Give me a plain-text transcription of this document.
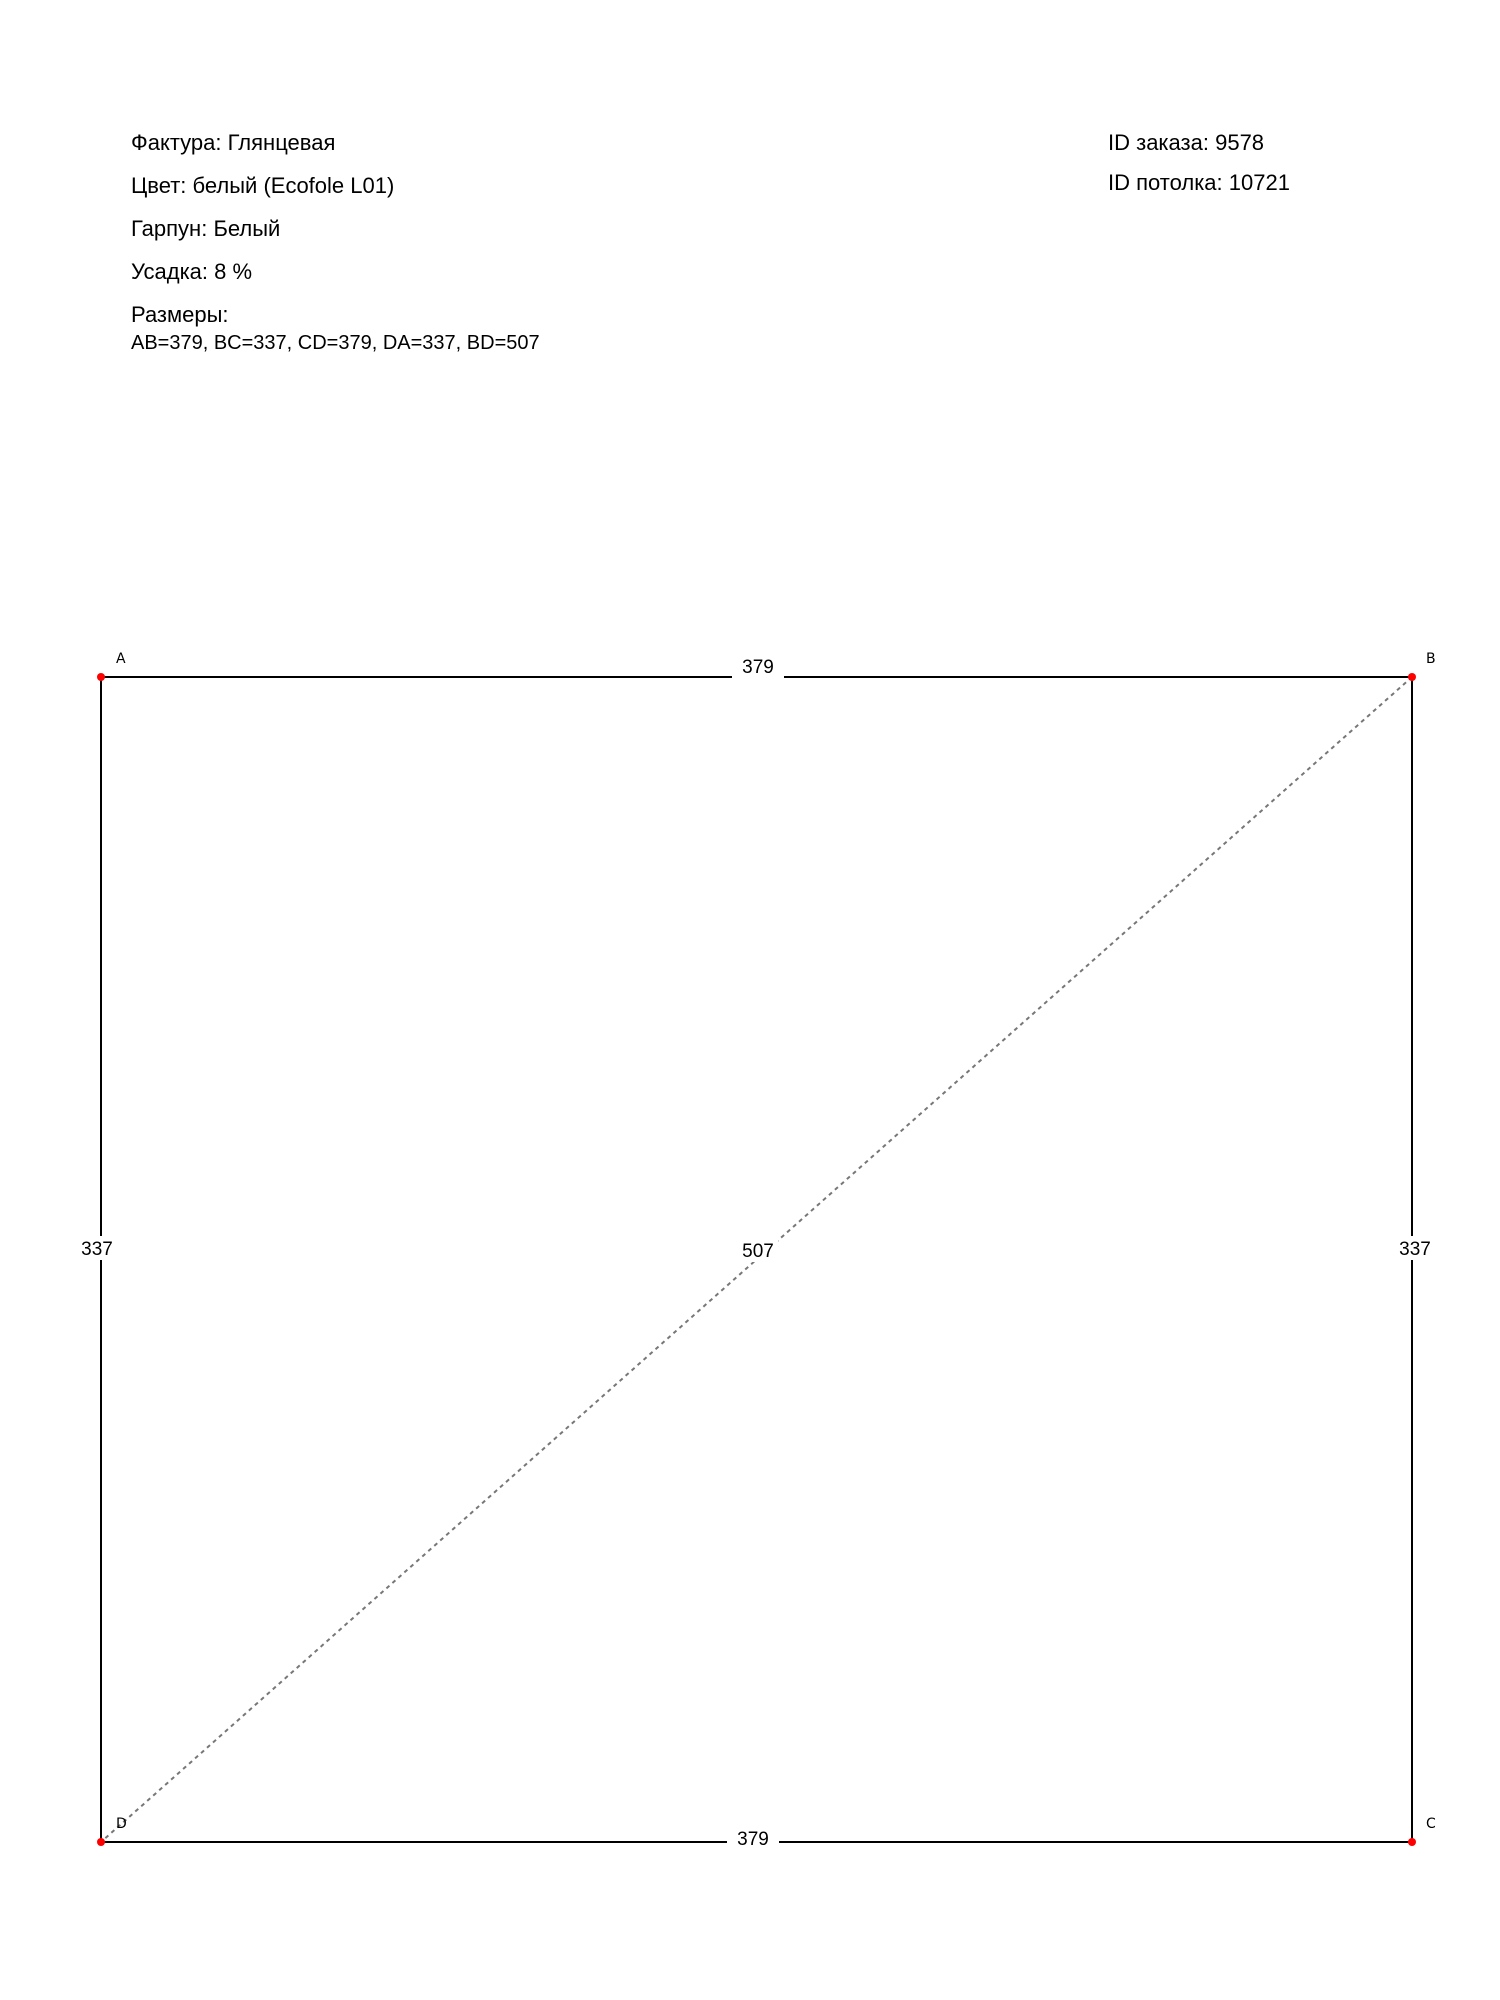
Фактура : Глянцевая
Цвет : белый (Ecofole L01)
Гарпун : Белый
Усадка : 8 %
Размеры:
AB=379, BC=337, CD=379, DA=337, BD=507
ID заказа : 9578
ID потолка : 10721
379
337
379
337	507
A	B
C
D
